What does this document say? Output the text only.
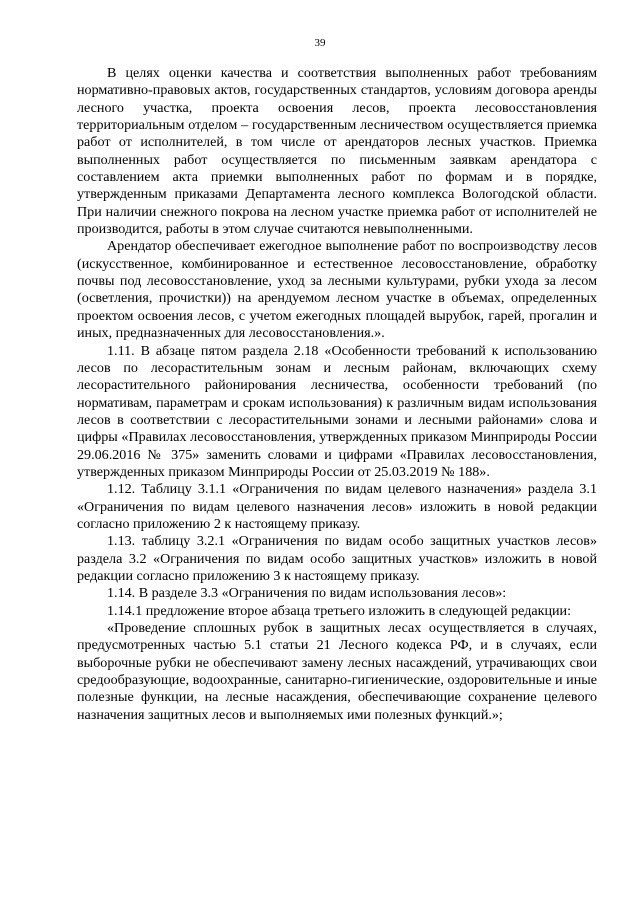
39

В целях оценки качества и соответствия выполненных работ требованиям нормативно-правовых актов, государственных стандартов, условиям договора аренды лесного участка, проекта освоения лесов, проекта лесовосстановления территориальным отделом – государственным лесничеством осуществляется приемка работ от исполнителей, в том числе от арендаторов лесных участков. Приемка выполненных работ осуществляется по письменным заявкам арендатора с составлением акта приемки выполненных работ по формам и в порядке, утвержденным приказами Департамента лесного комплекса Вологодской области. При наличии снежного покрова на лесном участке приемка работ от исполнителей не производится, работы в этом случае считаются невыполненными.

Арендатор обеспечивает ежегодное выполнение работ по воспроизводству лесов (искусственное, комбинированное и естественное лесовосстановление, обработку почвы под лесовосстановление, уход за лесными культурами, рубки ухода за лесом (осветления, прочистки)) на арендуемом лесном участке в объемах, определенных проектом освоения лесов, с учетом ежегодных площадей вырубок, гарей, прогалин и иных, предназначенных для лесовосстановления.».

1.11. В абзаце пятом раздела 2.18 «Особенности требований к использованию лесов по лесорастительным зонам и лесным районам, включающих схему лесорастительного районирования лесничества, особенности требований (по нормативам, параметрам и срокам использования) к различным видам использования лесов в соответствии с лесорастительными зонами и лесными районами» слова и цифры «Правилах лесовосстановления, утвержденных приказом Минприроды России 29.06.2016 № 375» заменить словами и цифрами «Правилах лесовосстановления, утвержденных приказом Минприроды России от 25.03.2019 № 188».

1.12. Таблицу 3.1.1 «Ограничения по видам целевого назначения» раздела 3.1 «Ограничения по видам целевого назначения лесов» изложить в новой редакции согласно приложению 2 к настоящему приказу.

1.13. таблицу 3.2.1 «Ограничения по видам особо защитных участков лесов» раздела 3.2 «Ограничения по видам особо защитных участков» изложить в новой редакции согласно приложению 3 к настоящему приказу.

1.14. В разделе 3.3 «Ограничения по видам использования лесов»:

1.14.1 предложение второе абзаца третьего изложить в следующей редакции:

«Проведение сплошных рубок в защитных лесах осуществляется в случаях, предусмотренных частью 5.1 статьи 21 Лесного кодекса РФ, и в случаях, если выборочные рубки не обеспечивают замену лесных насаждений, утрачивающих свои средообразующие, водоохранные, санитарно-гигиенические, оздоровительные и иные полезные функции, на лесные насаждения, обеспечивающие сохранение целевого назначения защитных лесов и выполняемых ими полезных функций.»;
